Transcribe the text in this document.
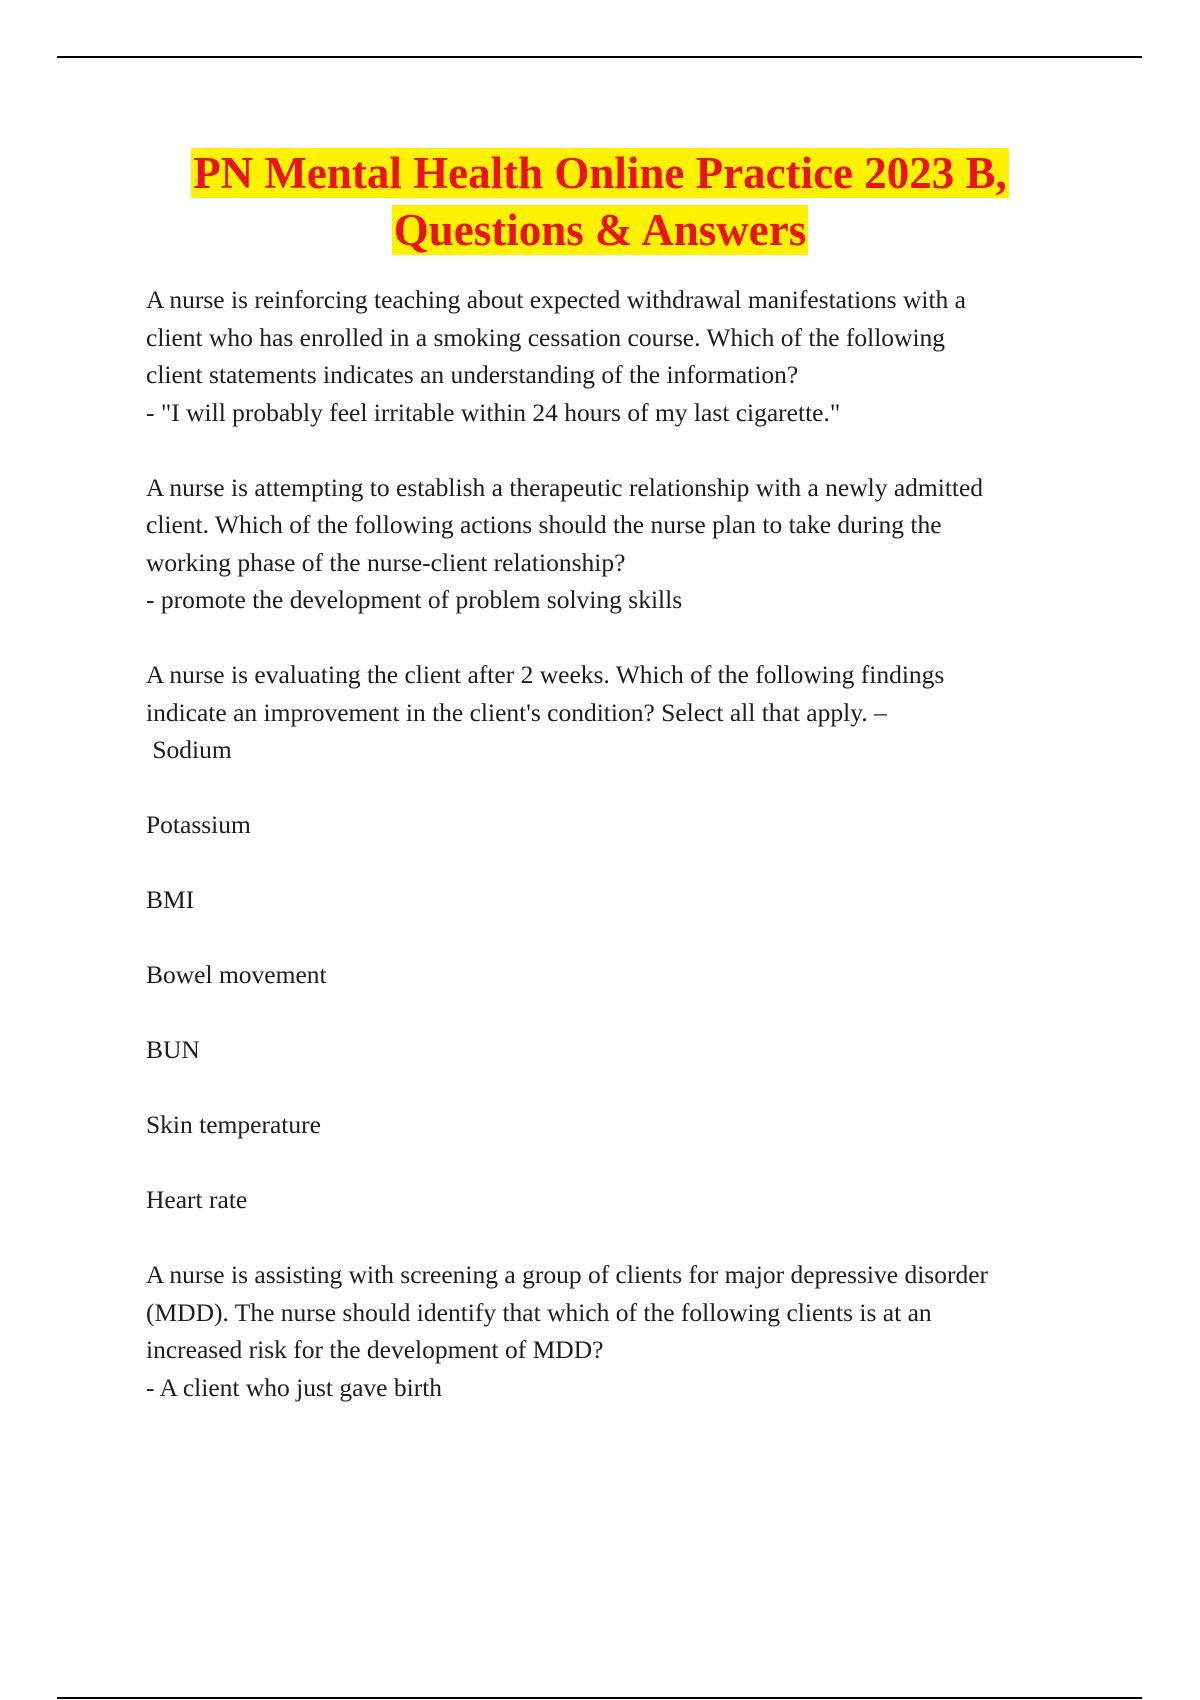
PN Mental Health Online Practice 2023 B,
Questions & Answers
A nurse is reinforcing teaching about expected withdrawal manifestations with a
client who has enrolled in a smoking cessation course. Which of the following
client statements indicates an understanding of the information?
- "I will probably feel irritable within 24 hours of my last cigarette."
A nurse is attempting to establish a therapeutic relationship with a newly admitted
client. Which of the following actions should the nurse plan to take during the
working phase of the nurse-client relationship?
- promote the development of problem solving skills
A nurse is evaluating the client after 2 weeks. Which of the following findings
indicate an improvement in the client's condition? Select all that apply. –
Sodium
Potassium
BMI
Bowel movement
BUN
Skin temperature
Heart rate
A nurse is assisting with screening a group of clients for major depressive disorder
(MDD). The nurse should identify that which of the following clients is at an
increased risk for the development of MDD?
- A client who just gave birth
